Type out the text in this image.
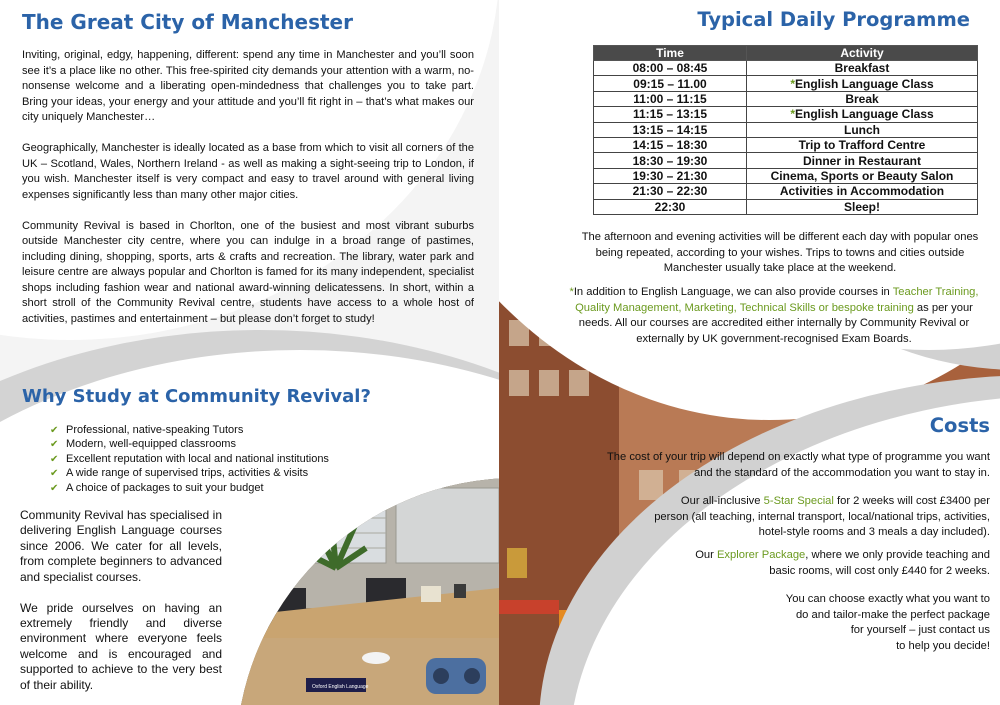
The Great City of Manchester

Inviting, original, edgy, happening, different: spend any time in Manchester and you’ll soon see it’s a place like no other. This free-spirited city demands your attention with a warm, no-nonsense welcome and a liberating open-mindedness that challenges you to take part. Bring your ideas, your energy and your attitude and you’ll fit right in – that’s what makes our city uniquely Manchester…

Geographically, Manchester is ideally located as a base from which to visit all corners of the UK – Scotland, Wales, Northern Ireland - as well as making a sight-seeing trip to London, if you wish. Manchester itself is very compact and easy to travel around with general living expenses significantly less than many other major cities.

Community Revival is based in Chorlton, one of the busiest and most vibrant suburbs outside Manchester city centre, where you can indulge in a broad range of pastimes, including dining, shopping, sports, arts & crafts and recreation. The library, water park and leisure centre are always popular and Chorlton is famed for its many independent, specialist shops including fashion wear and national award-winning delicatessens. In short, within a short stroll of the Community Revival centre, students have access to a whole host of activities, pastimes and entertainment – but please don’t forget to study!

Why Study at Community Revival?
✔ Professional, native-speaking Tutors
✔ Modern, well-equipped classrooms
✔ Excellent reputation with local and national institutions
✔ A wide range of supervised trips, activities & visits
✔ A choice of packages to suit your budget

Community Revival has specialised in delivering English Language courses since 2006. We cater for all levels, from complete beginners to advanced and specialist courses.

We pride ourselves on having an extremely friendly and diverse environment where everyone feels welcome and is encouraged and supported to achieve to the very best of their ability.	Oxford English Language
Typical Daily Programme
Time	Activity
08:00 – 08:45	Breakfast
09:15 – 11.00	*English Language Class
11:00 – 11:15	Break
11:15 – 13:15	*English Language Class
13:15 – 14:15	Lunch
14:15 – 18:30	Trip to Trafford Centre
18:30 – 19:30	Dinner in Restaurant
19:30 – 21:30	Cinema, Sports or Beauty Salon
21:30 – 22:30	Activities in Accommodation
22:30	Sleep!

The afternoon and evening activities will be different each day with popular ones being repeated, according to your wishes. Trips to towns and cities outside Manchester usually take place at the weekend.

*In addition to English Language, we can also provide courses in Teacher Training, Quality Management, Marketing, Technical Skills or bespoke training as per your needs. All our courses are accredited either internally by Community Revival or externally by UK government-recognised Exam Boards.

Costs

The cost of your trip will depend on exactly what type of programme you want and the standard of the accommodation you want to stay in.

Our all-inclusive 5-Star Special for 2 weeks will cost £3400 per person (all teaching, internal transport, local/national trips, activities, hotel-style rooms and 3 meals a day included).

Our Explorer Package, where we only provide teaching and basic rooms, will cost only £440 for 2 weeks.

You can choose exactly what you want to
do and tailor-make the perfect package
for yourself – just contact us
to help you decide!
